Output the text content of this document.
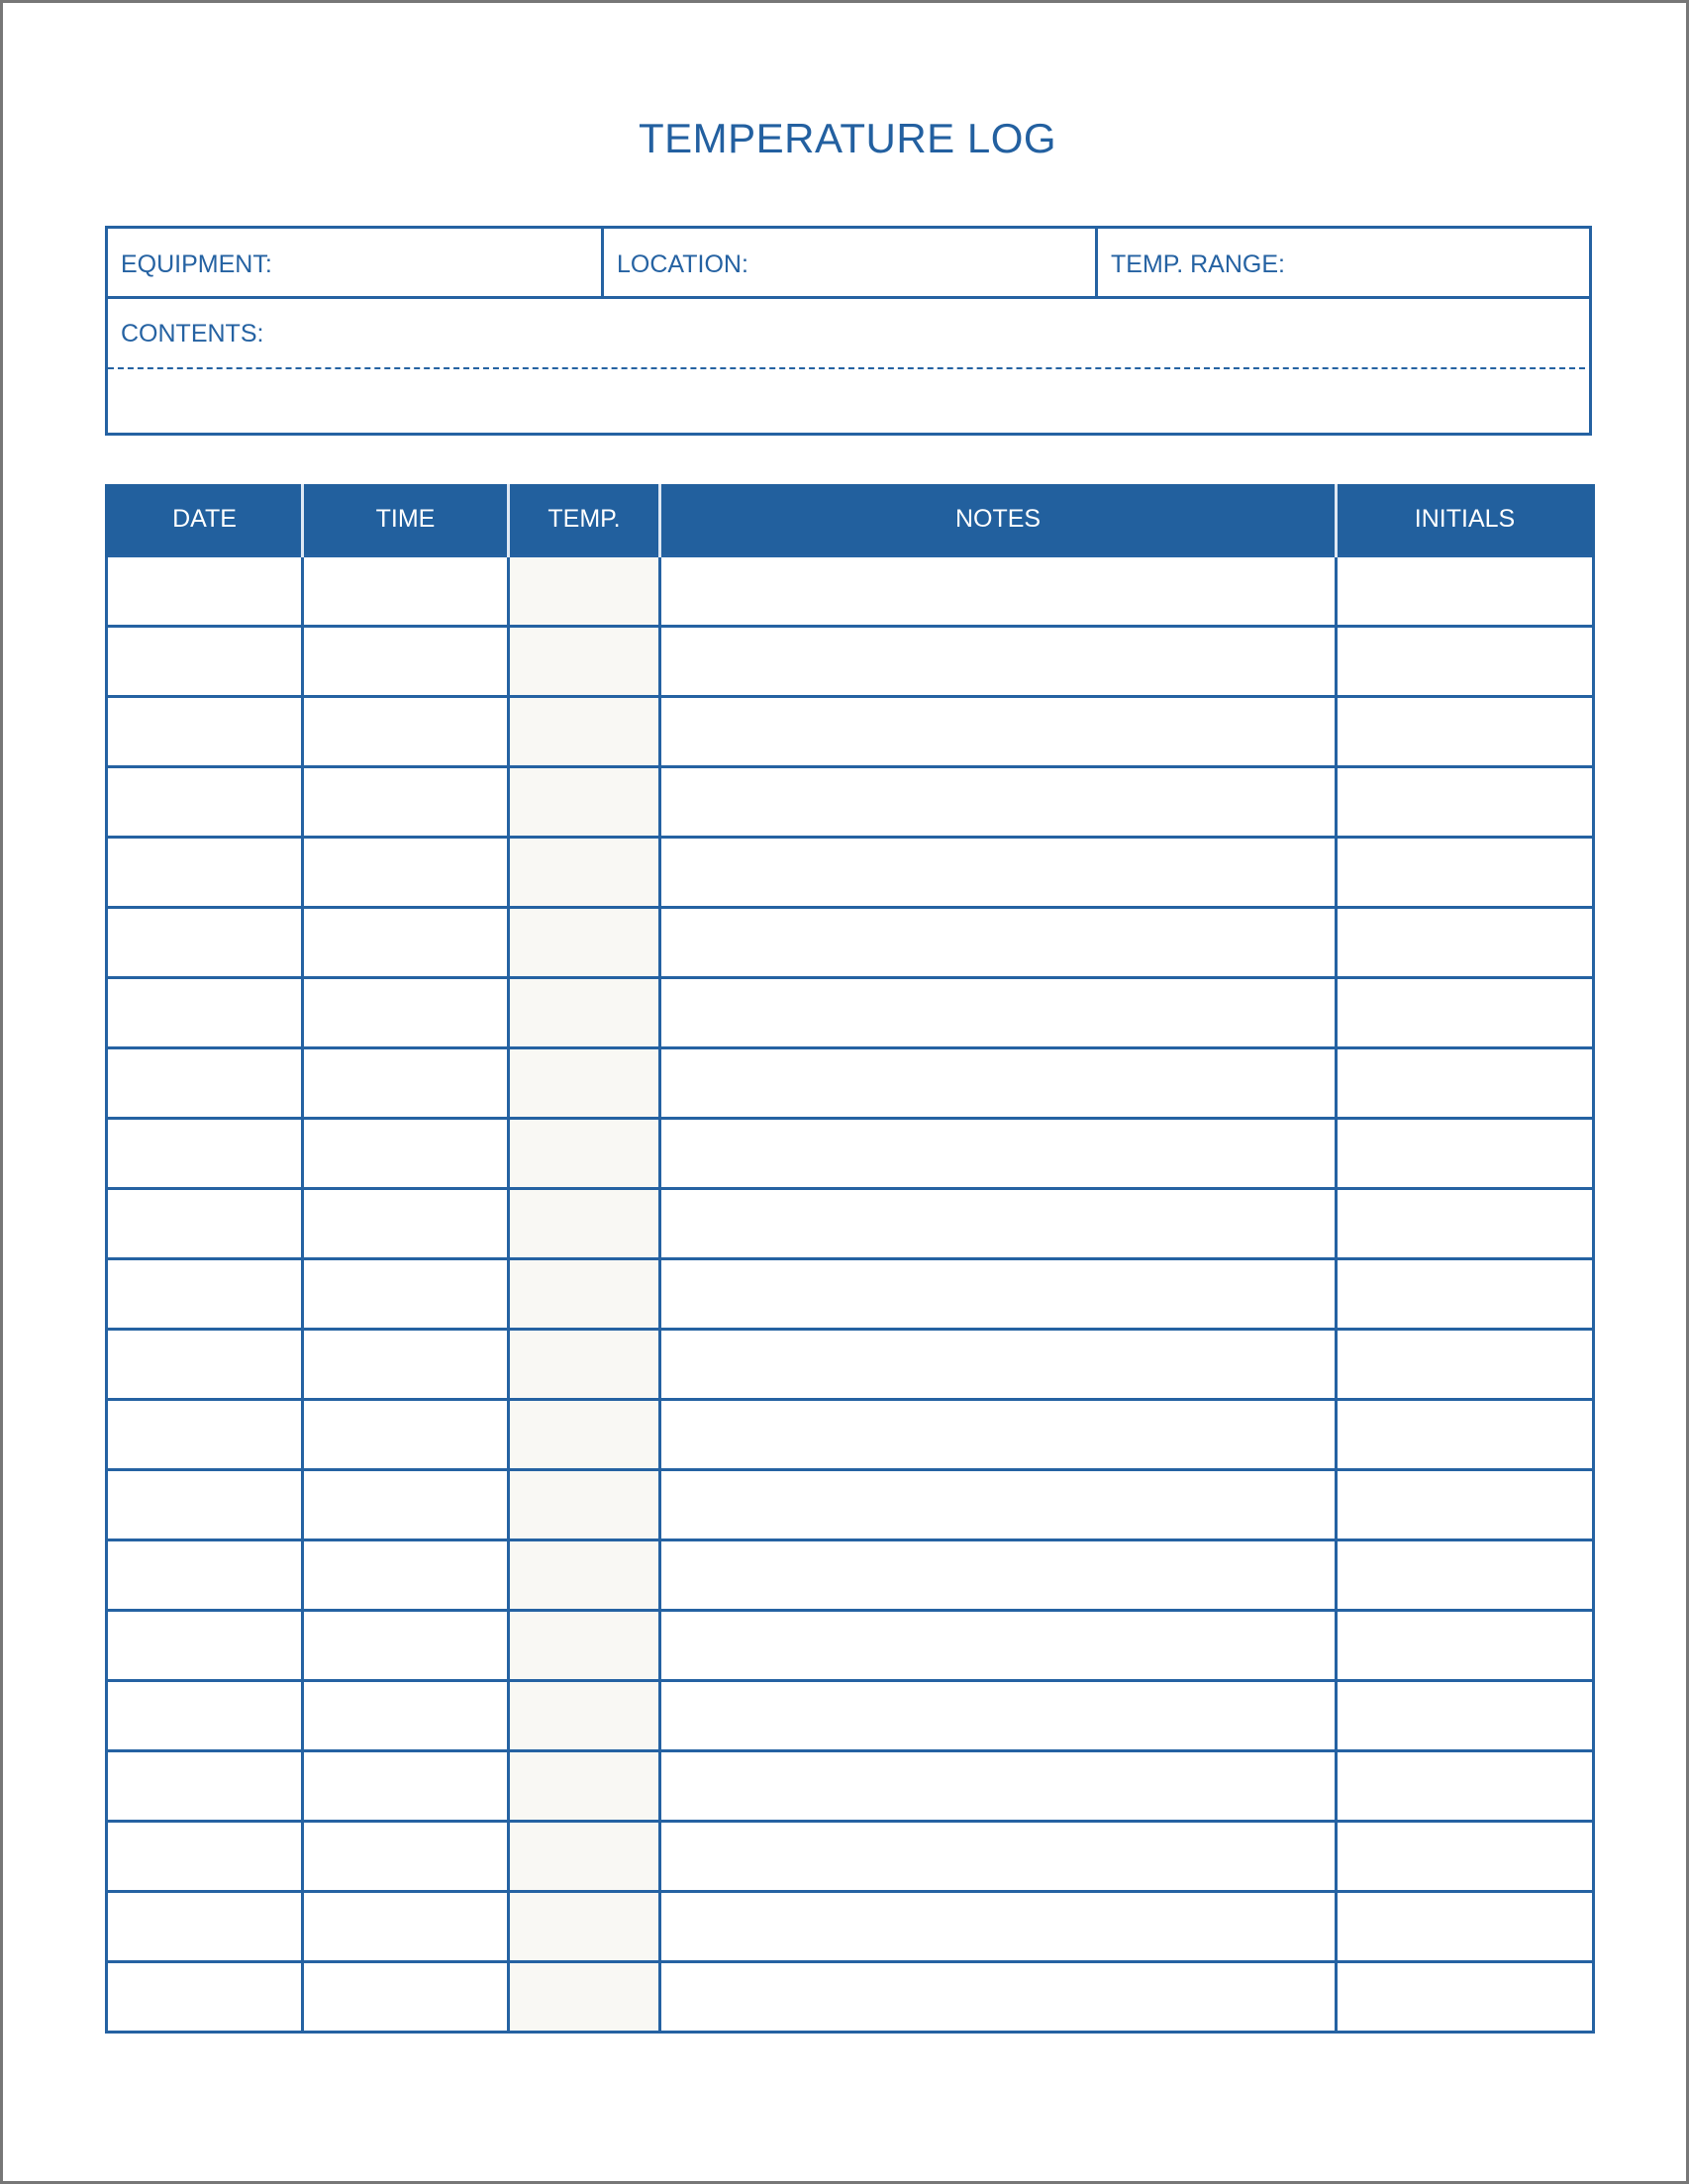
TEMPERATURE LOG
EQUIPMENT:	LOCATION:	TEMP. RANGE:
CONTENTS:
DATE	TIME	TEMP.	NOTES	INITIALS
